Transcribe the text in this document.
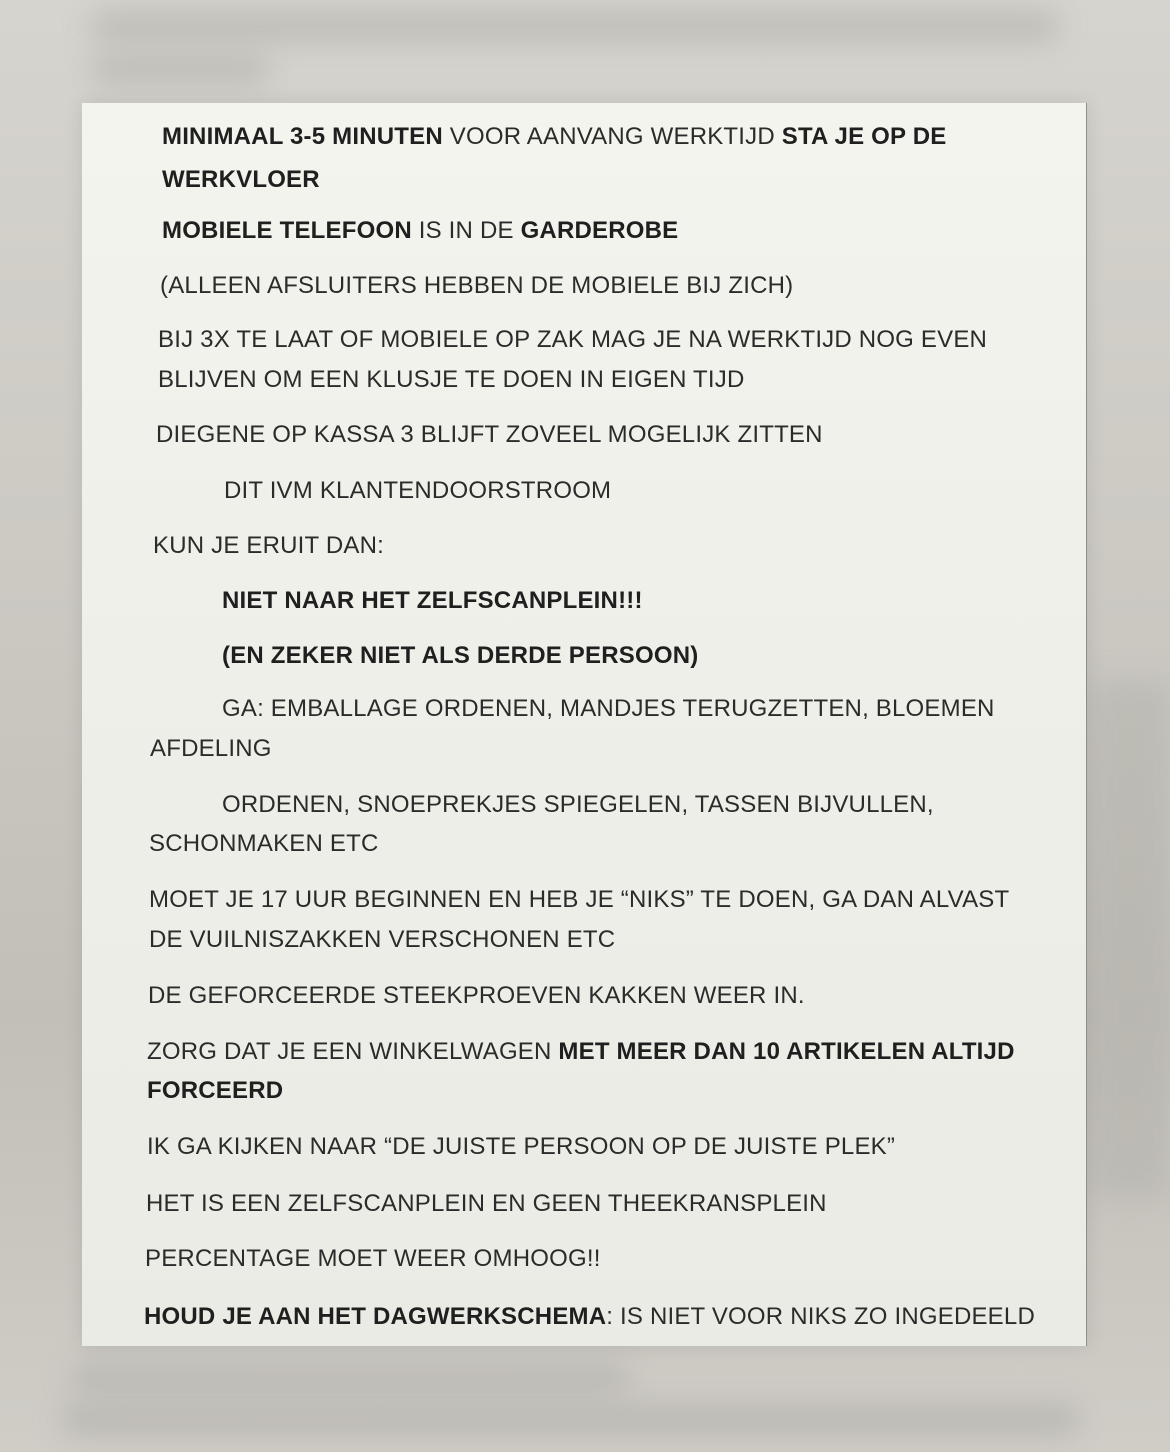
MINIMAAL 3-5 MINUTEN VOOR AANVANG WERKTIJD STA JE OP DE
WERKVLOER
MOBIELE TELEFOON IS IN DE GARDEROBE
(ALLEEN AFSLUITERS HEBBEN DE MOBIELE BIJ ZICH)
BIJ 3X TE LAAT OF MOBIELE OP ZAK MAG JE NA WERKTIJD NOG EVEN
BLIJVEN OM EEN KLUSJE TE DOEN IN EIGEN TIJD
DIEGENE OP KASSA 3 BLIJFT ZOVEEL MOGELIJK ZITTEN
DIT IVM KLANTENDOORSTROOM
KUN JE ERUIT DAN:
NIET NAAR HET ZELFSCANPLEIN!!!
(EN ZEKER NIET ALS DERDE PERSOON)
GA: EMBALLAGE ORDENEN, MANDJES TERUGZETTEN, BLOEMEN
AFDELING
ORDENEN, SNOEPREKJES SPIEGELEN, TASSEN BIJVULLEN,
SCHONMAKEN ETC
MOET JE 17 UUR BEGINNEN EN HEB JE “NIKS” TE DOEN, GA DAN ALVAST
DE VUILNISZAKKEN VERSCHONEN ETC
DE GEFORCEERDE STEEKPROEVEN KAKKEN WEER IN.
ZORG DAT JE EEN WINKELWAGEN MET MEER DAN 10 ARTIKELEN ALTIJD
FORCEERD
IK GA KIJKEN NAAR “DE JUISTE PERSOON OP DE JUISTE PLEK”
HET IS EEN ZELFSCANPLEIN EN GEEN THEEKRANSPLEIN
PERCENTAGE MOET WEER OMHOOG!!
HOUD JE AAN HET DAGWERKSCHEMA: IS NIET VOOR NIKS ZO INGEDEELD
